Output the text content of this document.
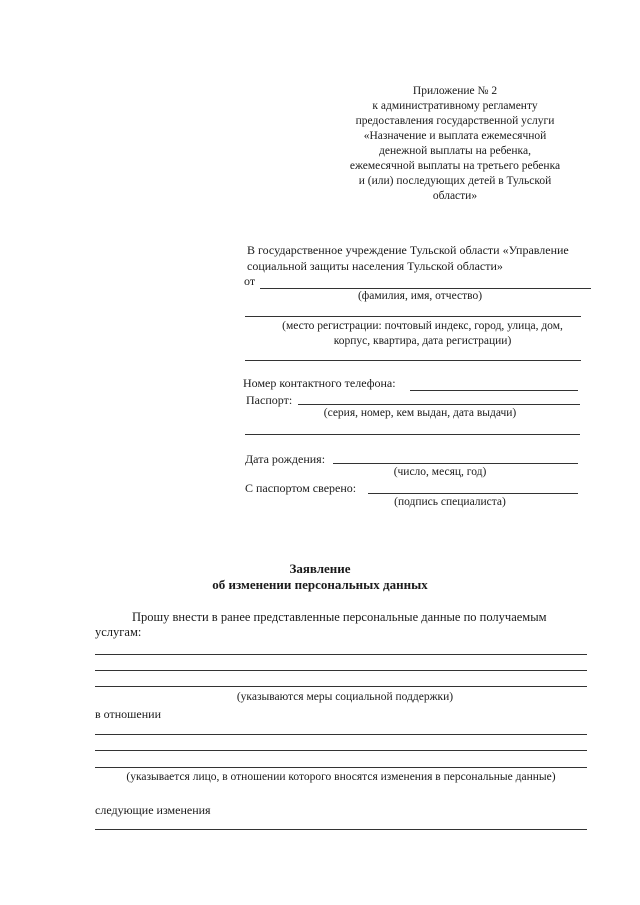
Приложение № 2
к административному регламенту
предоставления государственной услуги
«Назначение и выплата ежемесячной
денежной выплаты на ребенка,
ежемесячной выплаты на третьего ребенка
и (или) последующих детей в Тульской
области»
В государственное учреждение Тульской области «Управление
социальной защиты населения Тульской области»
от
(фамилия, имя, отчество)
(место регистрации: почтовый индекс, город, улица, дом,
корпус, квартира, дата регистрации)
Номер контактного телефона:
Паспорт:
(серия, номер, кем выдан, дата выдачи)
Дата рождения:
(число, месяц, год)
С паспортом сверено:
(подпись специалиста)
Заявление
об изменении персональных данных
Прошу внести в ранее представленные персональные данные по получаемым
услугам:
(указываются меры социальной поддержки)
в отношении
(указывается лицо, в отношении которого вносятся изменения в персональные данные)
следующие изменения
